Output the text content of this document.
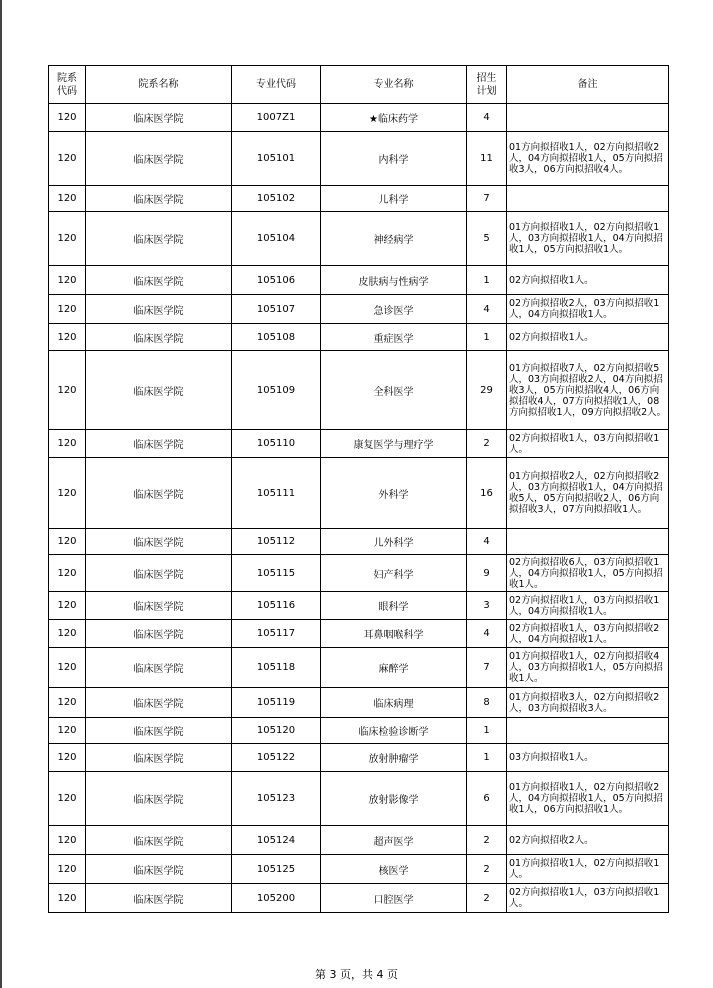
院系代码	院系名称	专业代码	专业名称	招生计划	备注
120	临床医学院	1007Z1	★临床药学	4	
120	临床医学院	105101	内科学	11	01方向拟招收1人，02方向拟招收2人，04方向拟招收1人，05方向拟招收3人，06方向拟招收4人。
120	临床医学院	105102	儿科学	7	
120	临床医学院	105104	神经病学	5	01方向拟招收1人，02方向拟招收1人，03方向拟招收1人，04方向拟招收1人，05方向拟招收1人。
120	临床医学院	105106	皮肤病与性病学	1	02方向拟招收1人。
120	临床医学院	105107	急诊医学	4	02方向拟招收2人，03方向拟招收1人，04方向拟招收1人。
120	临床医学院	105108	重症医学	1	02方向拟招收1人。
120	临床医学院	105109	全科医学	29	01方向拟招收7人，02方向拟招收5人，03方向拟招收2人，04方向拟招收3人，05方向拟招收4人，06方向拟招收4人，07方向拟招收1人，08方向拟招收1人，09方向拟招收2人。
120	临床医学院	105110	康复医学与理疗学	2	02方向拟招收1人，03方向拟招收1人。
120	临床医学院	105111	外科学	16	01方向拟招收2人，02方向拟招收2人，03方向拟招收1人，04方向拟招收5人，05方向拟招收2人，06方向拟招收3人，07方向拟招收1人。
120	临床医学院	105112	儿外科学	4	
120	临床医学院	105115	妇产科学	9	02方向拟招收6人，03方向拟招收1人，04方向拟招收1人，05方向拟招收1人。
120	临床医学院	105116	眼科学	3	02方向拟招收1人，03方向拟招收1人，04方向拟招收1人。
120	临床医学院	105117	耳鼻咽喉科学	4	02方向拟招收1人，03方向拟招收2人，04方向拟招收1人。
120	临床医学院	105118	麻醉学	7	01方向拟招收1人，02方向拟招收4人，03方向拟招收1人，05方向拟招收1人。
120	临床医学院	105119	临床病理	8	01方向拟招收3人，02方向拟招收2人，03方向拟招收3人。
120	临床医学院	105120	临床检验诊断学	1	
120	临床医学院	105122	放射肿瘤学	1	03方向拟招收1人。
120	临床医学院	105123	放射影像学	6	01方向拟招收1人，02方向拟招收2人，04方向拟招收1人，05方向拟招收1人，06方向拟招收1人。
120	临床医学院	105124	超声医学	2	02方向拟招收2人。
120	临床医学院	105125	核医学	2	01方向拟招收1人，02方向拟招收1人。
120	临床医学院	105200	口腔医学	2	02方向拟招收1人，03方向拟招收1人。
第 3 页，共 4 页
